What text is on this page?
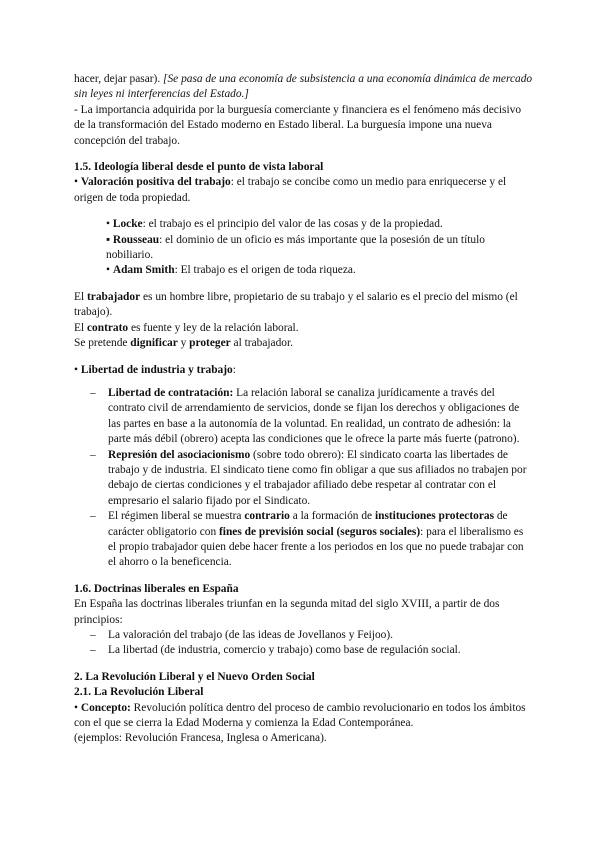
hacer, dejar pasar). [Se pasa de una economía de subsistencia a una economía dinámica de mercado sin leyes ni interferencias del Estado.]

- La importancia adquirida por la burguesía comerciante y financiera es el fenómeno más decisivo de la transformación del Estado moderno en Estado liberal. La burguesía impone una nueva concepción del trabajo.

1.5. Ideología liberal desde el punto de vista laboral

• Valoración positiva del trabajo: el trabajo se concibe como un medio para enriquecerse y el origen de toda propiedad.

• Locke: el trabajo es el principio del valor de las cosas y de la propiedad.

▪ Rousseau: el dominio de un oficio es más importante que la posesión de un título nobiliario.

• Adam Smith: El trabajo es el origen de toda riqueza.

El trabajador es un hombre libre, propietario de su trabajo y el salario es el precio del mismo (el trabajo).

El contrato es fuente y ley de la relación laboral.

Se pretende dignificar y proteger al trabajador.

• Libertad de industria y trabajo:

– Libertad de contratación: La relación laboral se canaliza jurídicamente a través del contrato civil de arrendamiento de servicios, donde se fijan los derechos y obligaciones de las partes en base a la autonomía de la voluntad. En realidad, un contrato de adhesión: la parte más débil (obrero) acepta las condiciones que le ofrece la parte más fuerte (patrono).
– Represión del asociacionismo (sobre todo obrero): El sindicato coarta las libertades de trabajo y de industria. El sindicato tiene como fin obligar a que sus afiliados no trabajen por debajo de ciertas condiciones y el trabajador afiliado debe respetar al contratar con el empresario el salario fijado por el Sindicato.
– El régimen liberal se muestra contrario a la formación de instituciones protectoras de carácter obligatorio con fines de previsión social (seguros sociales): para el liberalismo es el propio trabajador quien debe hacer frente a los periodos en los que no puede trabajar con el ahorro o la beneficencia.

1.6. Doctrinas liberales en España

En España las doctrinas liberales triunfan en la segunda mitad del siglo XVIII, a partir de dos principios:

– La valoración del trabajo (de las ideas de Jovellanos y Feijoo).
– La libertad (de industria, comercio y trabajo) como base de regulación social.

2. La Revolución Liberal y el Nuevo Orden Social

2.1. La Revolución Liberal

• Concepto: Revolución política dentro del proceso de cambio revolucionario en todos los ámbitos con el que se cierra la Edad Moderna y comienza la Edad Contemporánea.

(ejemplos: Revolución Francesa, Inglesa o Americana).
